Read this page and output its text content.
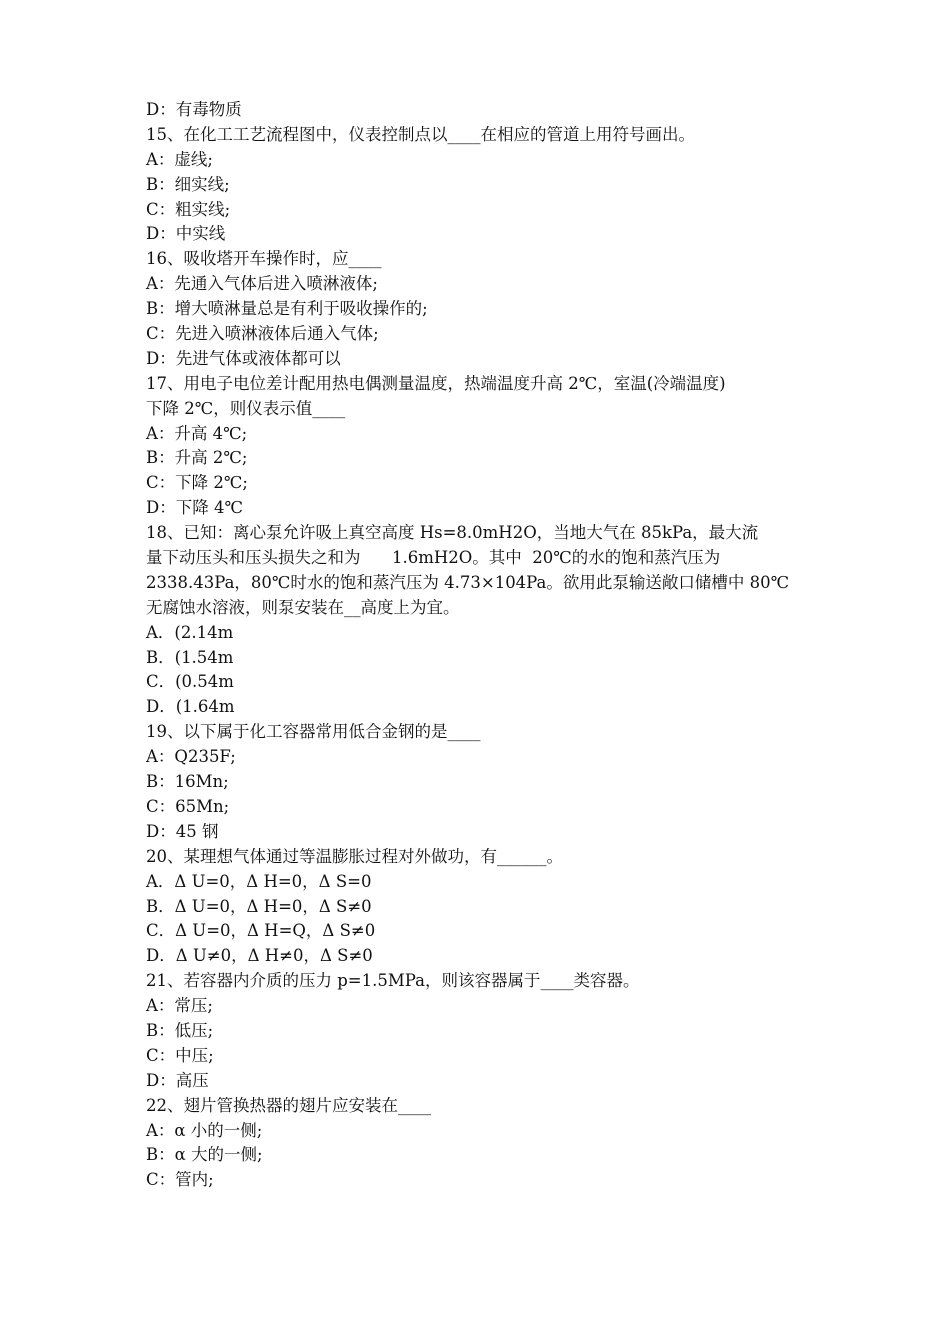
D：有毒物质
15、在化工工艺流程图中，仪表控制点以____在相应的管道上用符号画出。
A：虚线;
B：细实线;
C：粗实线;
D：中实线
16、吸收塔开车操作时，应____
A：先通入气体后进入喷淋液体;
B：增大喷淋量总是有利于吸收操作的;
C：先进入喷淋液体后通入气体;
D：先进气体或液体都可以
17、用电子电位差计配用热电偶测量温度，热端温度升高 2℃，室温(冷端温度)
下降 2℃，则仪表示值____
A：升高 4℃;
B：升高 2℃;
C：下降 2℃;
D：下降 4℃
18、已知：离心泵允许吸上真空高度 Hs=8.0mH2O，当地大气在 85kPa，最大流
量下动压头和压头损失之和为      1.6mH2O。其中  20℃的水的饱和蒸汽压为
2338.43Pa，80℃时水的饱和蒸汽压为 4.73×104Pa。欲用此泵输送敞口储槽中 80℃
无腐蚀水溶液，则泵安装在__高度上为宜。
A．(2.14m
B．(1.54m
C．(0.54m
D．(1.64m
19、以下属于化工容器常用低合金钢的是____
A：Q235F;
B：16Mn;
C：65Mn;
D：45 钢
20、某理想气体通过等温膨胀过程对外做功，有______。
A．Δ U=0，Δ H=0，Δ S=0
B．Δ U=0，Δ H=0，Δ S≠0
C．Δ U=0，Δ H=Q，Δ S≠0
D．Δ U≠0，Δ H≠0，Δ S≠0
21、若容器内介质的压力 p=1.5MPa，则该容器属于____类容器。
A：常压;
B：低压;
C：中压;
D：高压
22、翅片管换热器的翅片应安装在____
A：α 小的一侧;
B：α 大的一侧;
C：管内;
